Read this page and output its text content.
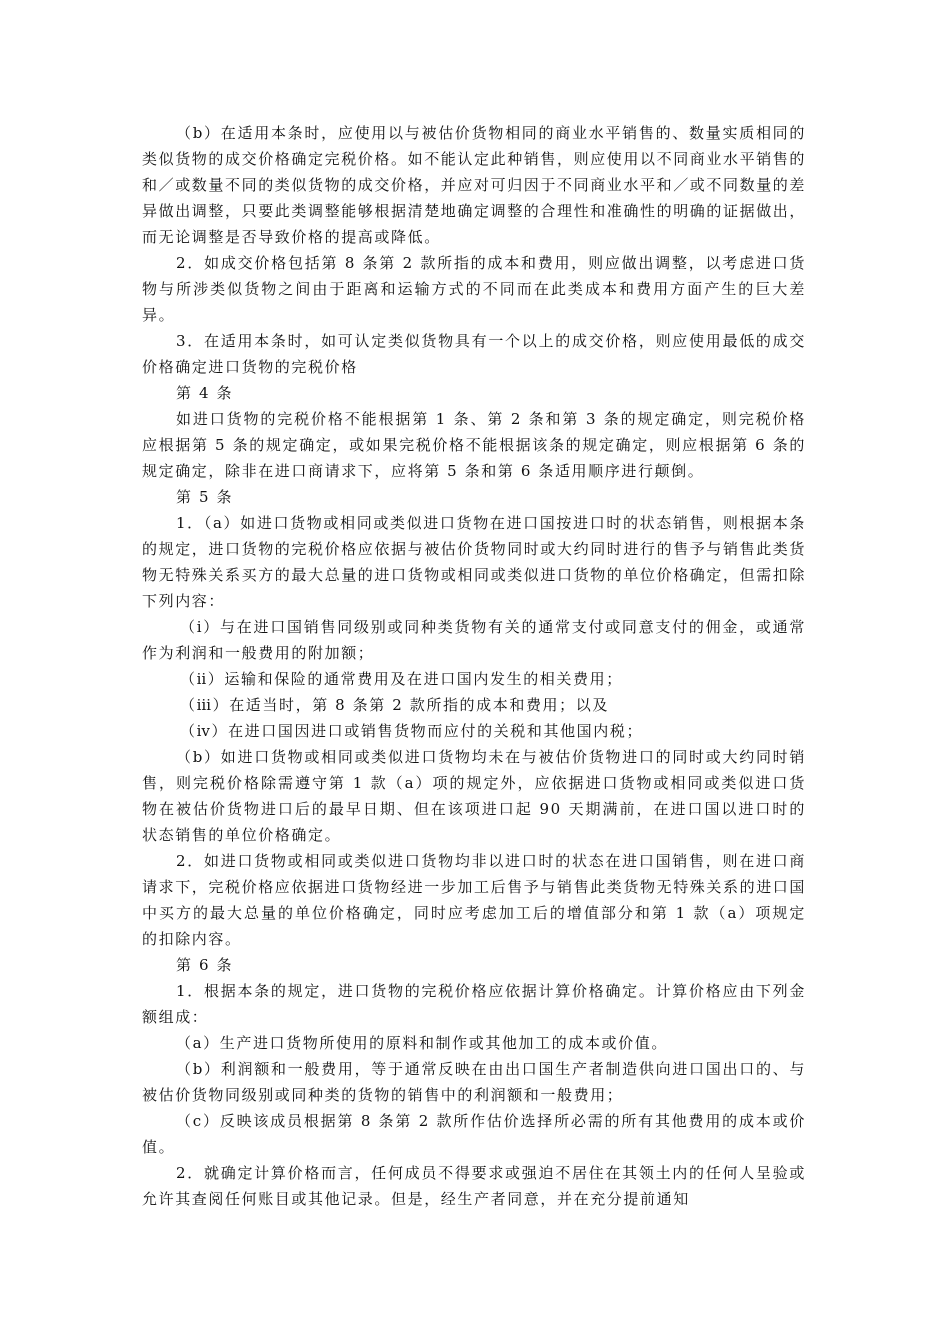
（b）在适用本条时，应使用以与被估价货物相同的商业水平销售的、数量实质相同的类似货物的成交价格确定完税价格。如不能认定此种销售，则应使用以不同商业水平销售的和／或数量不同的类似货物的成交价格，并应对可归因于不同商业水平和／或不同数量的差异做出调整，只要此类调整能够根据清楚地确定调整的合理性和准确性的明确的证据做出，而无论调整是否导致价格的提高或降低。

2．如成交价格包括第 8 条第 2 款所指的成本和费用，则应做出调整，以考虑进口货物与所涉类似货物之间由于距离和运输方式的不同而在此类成本和费用方面产生的巨大差异。

3．在适用本条时，如可认定类似货物具有一个以上的成交价格，则应使用最低的成交价格确定进口货物的完税价格

第 4 条

如进口货物的完税价格不能根据第 1 条、第 2 条和第 3 条的规定确定，则完税价格应根据第 5 条的规定确定，或如果完税价格不能根据该条的规定确定，则应根据第 6 条的规定确定，除非在进口商请求下，应将第 5 条和第 6 条适用顺序进行颠倒。

第 5 条

1．（a）如进口货物或相同或类似进口货物在进口国按进口时的状态销售，则根据本条的规定，进口货物的完税价格应依据与被估价货物同时或大约同时进行的售予与销售此类货物无特殊关系买方的最大总量的进口货物或相同或类似进口货物的单位价格确定，但需扣除下列内容：

（ⅰ）与在进口国销售同级别或同种类货物有关的通常支付或同意支付的佣金，或通常作为利润和一般费用的附加额；

（ⅱ）运输和保险的通常费用及在进口国内发生的相关费用；

（ⅲ）在适当时，第 8 条第 2 款所指的成本和费用；以及

（ⅳ）在进口国因进口或销售货物而应付的关税和其他国内税；

（b）如进口货物或相同或类似进口货物均未在与被估价货物进口的同时或大约同时销售，则完税价格除需遵守第 1 款（a）项的规定外，应依据进口货物或相同或类似进口货物在被估价货物进口后的最早日期、但在该项进口起 90 天期满前，在进口国以进口时的状态销售的单位价格确定。

2．如进口货物或相同或类似进口货物均非以进口时的状态在进口国销售，则在进口商请求下，完税价格应依据进口货物经进一步加工后售予与销售此类货物无特殊关系的进口国中买方的最大总量的单位价格确定，同时应考虑加工后的增值部分和第 1 款（a）项规定的扣除内容。

第 6 条

1．根据本条的规定，进口货物的完税价格应依据计算价格确定。计算价格应由下列金额组成：

（a）生产进口货物所使用的原料和制作或其他加工的成本或价值。

（b）利润额和一般费用，等于通常反映在由出口国生产者制造供向进口国出口的、与被估价货物同级别或同种类的货物的销售中的利润额和一般费用；

（c）反映该成员根据第 8 条第 2 款所作估价选择所必需的所有其他费用的成本或价值。

2．就确定计算价格而言，任何成员不得要求或强迫不居住在其领土内的任何人呈验或允许其查阅任何账目或其他记录。但是，经生产者同意，并在充分提前通知
